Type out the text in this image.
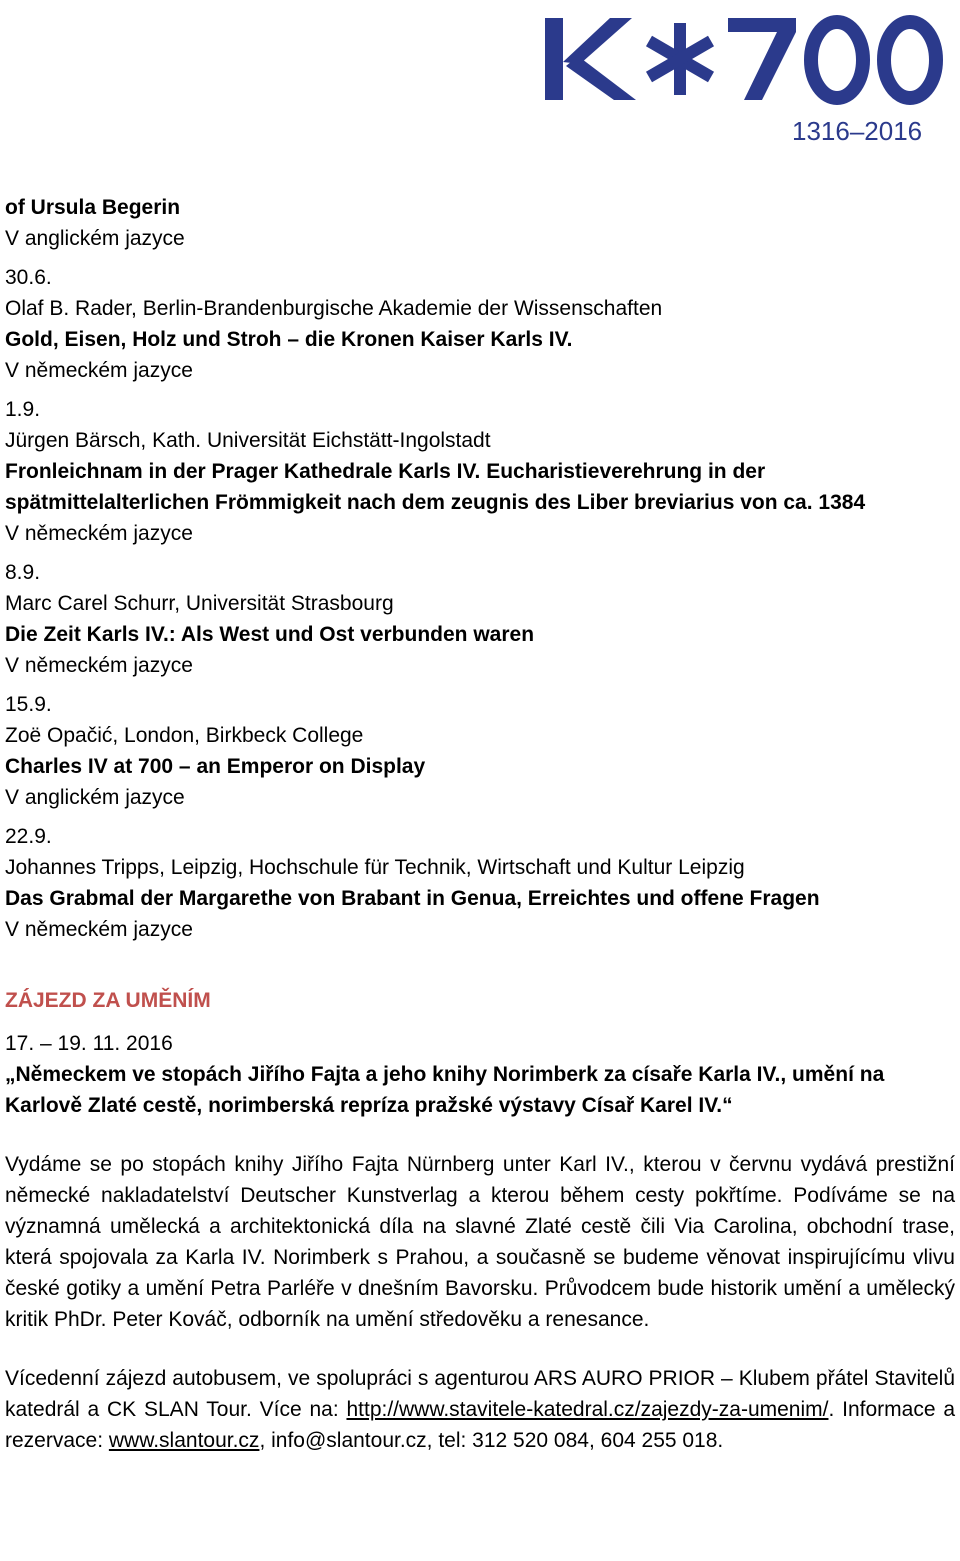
1316–2016

of Ursula Begerin

V anglickém jazyce

30.6.

Olaf B. Rader, Berlin-Brandenburgische Akademie der Wissenschaften

Gold, Eisen, Holz und Stroh – die Kronen Kaiser Karls IV.

V německém jazyce

1.9.

Jürgen Bärsch, Kath. Universität Eichstätt-Ingolstadt

Fronleichnam in der Prager Kathedrale Karls IV. Eucharistieverehrung in der

spätmittelalterlichen Frömmigkeit nach dem zeugnis des Liber breviarius von ca. 1384

V německém jazyce

8.9.

Marc Carel Schurr, Universität Strasbourg

Die Zeit Karls IV.: Als West und Ost verbunden waren

V německém jazyce

15.9.

Zoë Opačić, London, Birkbeck College

Charles IV at 700 – an Emperor on Display

V anglickém jazyce

22.9.

Johannes Tripps, Leipzig, Hochschule für Technik, Wirtschaft und Kultur Leipzig

Das Grabmal der Margarethe von Brabant in Genua, Erreichtes und offene Fragen

V německém jazyce

ZÁJEZD ZA UMĚNÍM

17. – 19. 11. 2016

„Německem ve stopách Jiřího Fajta a jeho knihy Norimberk za císaře Karla IV., umění na

Karlově Zlaté cestě, norimberská repríza pražské výstavy Císař Karel IV.“

Vydáme se po stopách knihy Jiřího Fajta Nürnberg unter Karl IV., kterou v červnu vydává prestižní německé nakladatelství Deutscher Kunstverlag a kterou během cesty pokřtíme. Podíváme se na významná umělecká a architektonická díla na slavné Zlaté cestě čili Via Carolina, obchodní trase, která spojovala za Karla IV. Norimberk s Prahou, a současně se budeme věnovat inspirujícímu vlivu české gotiky a umění Petra Parléře v dnešním Bavorsku. Průvodcem bude historik umění a umělecký kritik PhDr. Peter Kováč, odborník na umění středověku a renesance.

Vícedenní zájezd autobusem, ve spolupráci s agenturou ARS AURO PRIOR – Klubem přátel Stavitelů katedrál a CK SLAN Tour. Více na: http://www.stavitele-katedral.cz/zajezdy-za-umenim/. Informace a rezervace: www.slantour.cz, info@slantour.cz, tel: 312 520 084, 604 255 018.
